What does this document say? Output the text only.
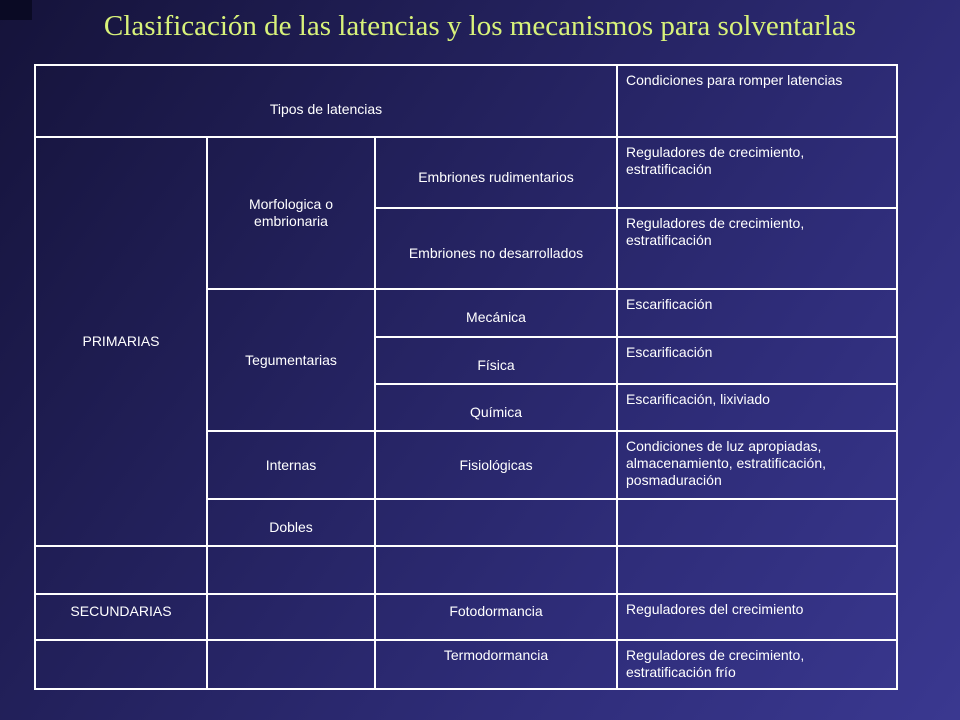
Clasificación de las latencias y los mecanismos para solventarlas
Tipos de latencias			Condiciones para romper latencias
PRIMARIAS	Morfologica o embrionaria	Embriones rudimentarios	Reguladores de crecimiento, estratificación
		Embriones no desarrollados	Reguladores de crecimiento, estratificación
	Tegumentarias	Mecánica	Escarificación
		Física	Escarificación
		Química	Escarificación, lixiviado
	Internas	Fisiológicas	Condiciones de luz apropiadas, almacenamiento, estratificación, posmaduración
	Dobles		

SECUNDARIAS		Fotodormancia	Reguladores del crecimiento
		Termodormancia	Reguladores de crecimiento, estratificación frío
